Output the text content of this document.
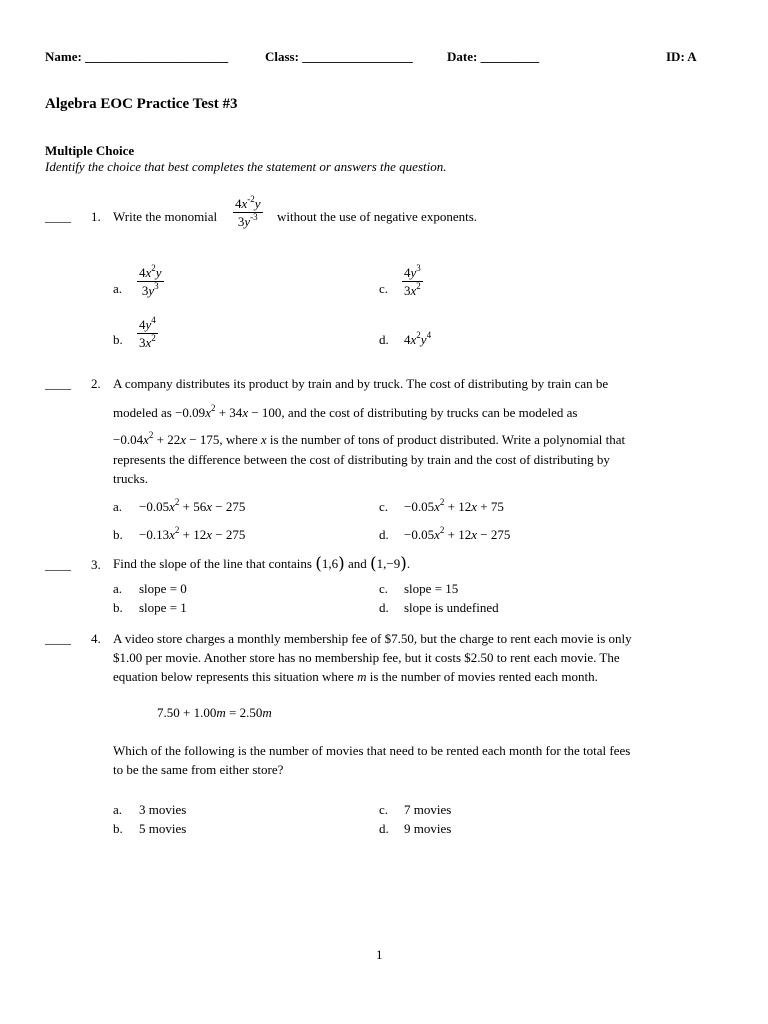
Name: ______________________	Class: _________________	Date: _________	ID: A
Algebra EOC Practice Test #3
Multiple Choice
Identify the choice that best completes the statement or answers the question.
____ 1. Write the monomial $\frac{4x^{-2}y}{3y^{-3}}$ without the use of negative exponents.
a. $\frac{4x^2y}{3y^3}$
b. $\frac{4y^4}{3x^2}$
c. $\frac{4y^3}{3x^2}$
d. $4x^2y^4$
____ 2. A company distributes its product by train and by truck. The cost of distributing by train can be
modeled as $-0.09x^2 + 34x - 100$, and the cost of distributing by trucks can be modeled as
$-0.04x^2 + 22x - 175$, where x is the number of tons of product distributed. Write a polynomial that
represents the difference between the cost of distributing by train and the cost of distributing by
trucks.
a. $-0.05x^2 + 56x - 275$
b. $-0.13x^2 + 12x - 275$
c. $-0.05x^2 + 12x + 75$
d. $-0.05x^2 + 12x - 275$
____ 3. Find the slope of the line that contains (1,6) and (1,−9).
a. slope = 0
b. slope = 1
c. slope = 15
d. slope is undefined
____ 4. A video store charges a monthly membership fee of $7.50, but the charge to rent each movie is only
$1.00 per movie. Another store has no membership fee, but it costs $2.50 to rent each movie. The
equation below represents this situation where m is the number of movies rented each month.
7.50 + 1.00m = 2.50m
Which of the following is the number of movies that need to be rented each month for the total fees
to be the same from either store?
a. 3 movies
b. 5 movies
c. 7 movies
d. 9 movies
1
